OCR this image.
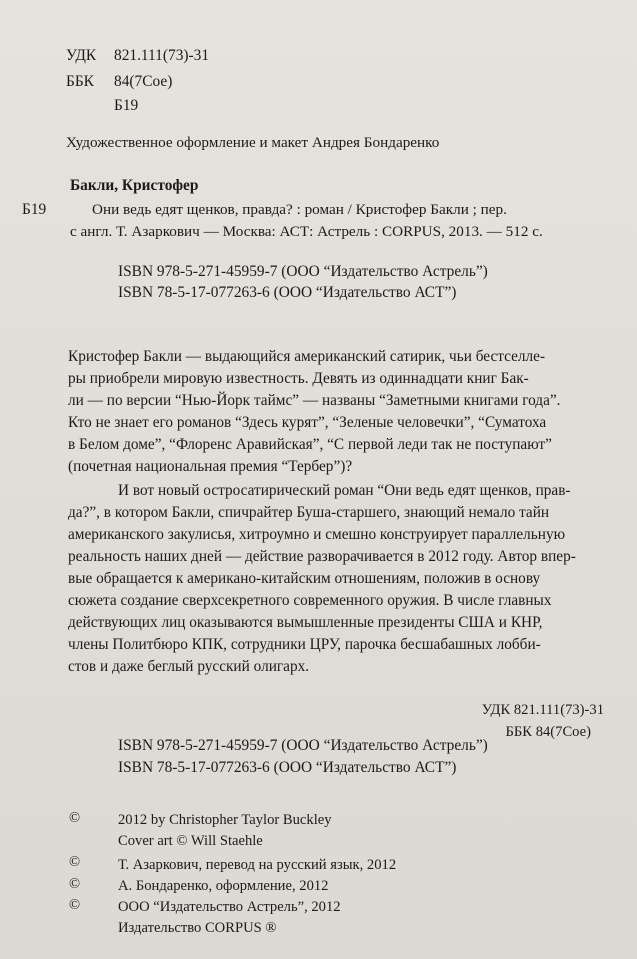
УДК 821.111(73)-31
ББК 84(7Сое)
Б19
Художественное оформление и макет Андрея Бондаренко
Бакли, Кристофер
Б19	Они ведь едят щенков, правда? : роман / Кристофер Бакли ; пер.
с англ. Т. Азаркович — Москва: АСТ: Астрель : CORPUS, 2013. — 512 с.
ISBN 978-5-271-45959-7 (ООО “Издательство Астрель”)
ISBN 78-5-17-077263-6 (ООО “Издательство АСТ”)
Кристофер Бакли — выдающийся американский сатирик, чьи бестселле-
ры приобрели мировую известность. Девять из одиннадцати книг Бак-
ли — по версии “Нью-Йорк таймс” — названы “Заметными книгами года”.
Кто не знает его романов “Здесь курят”, “Зеленые человечки”, “Суматоха
в Белом доме”, “Флоренс Аравийская”, “С первой леди так не поступают”
(почетная национальная премия “Тербер”)?
И вот новый остросатирический роман “Они ведь едят щенков, прав-
да?”, в котором Бакли, спичрайтер Буша-старшего, знающий немало тайн
американского закулисья, хитроумно и смешно конструирует параллельную
реальность наших дней — действие разворачивается в 2012 году. Автор впер-
вые обращается к американо-китайским отношениям, положив в основу
сюжета создание сверхсекретного современного оружия. В числе главных
действующих лиц оказываются вымышленные президенты США и КНР,
члены Политбюро КПК, сотрудники ЦРУ, парочка бесшабашных лобби-
стов и даже беглый русский олигарх.
УДК 821.111(73)-31
ББК 84(7Сое)
ISBN 978-5-271-45959-7 (ООО “Издательство Астрель”)
ISBN 78-5-17-077263-6 (ООО “Издательство АСТ”)
©	2012 by Christopher Taylor Buckley
Cover art © Will Staehle
©	Т. Азаркович, перевод на русский язык, 2012
©	А. Бондаренко, оформление, 2012
©	ООО “Издательство Астрель”, 2012
Издательство CORPUS ®
